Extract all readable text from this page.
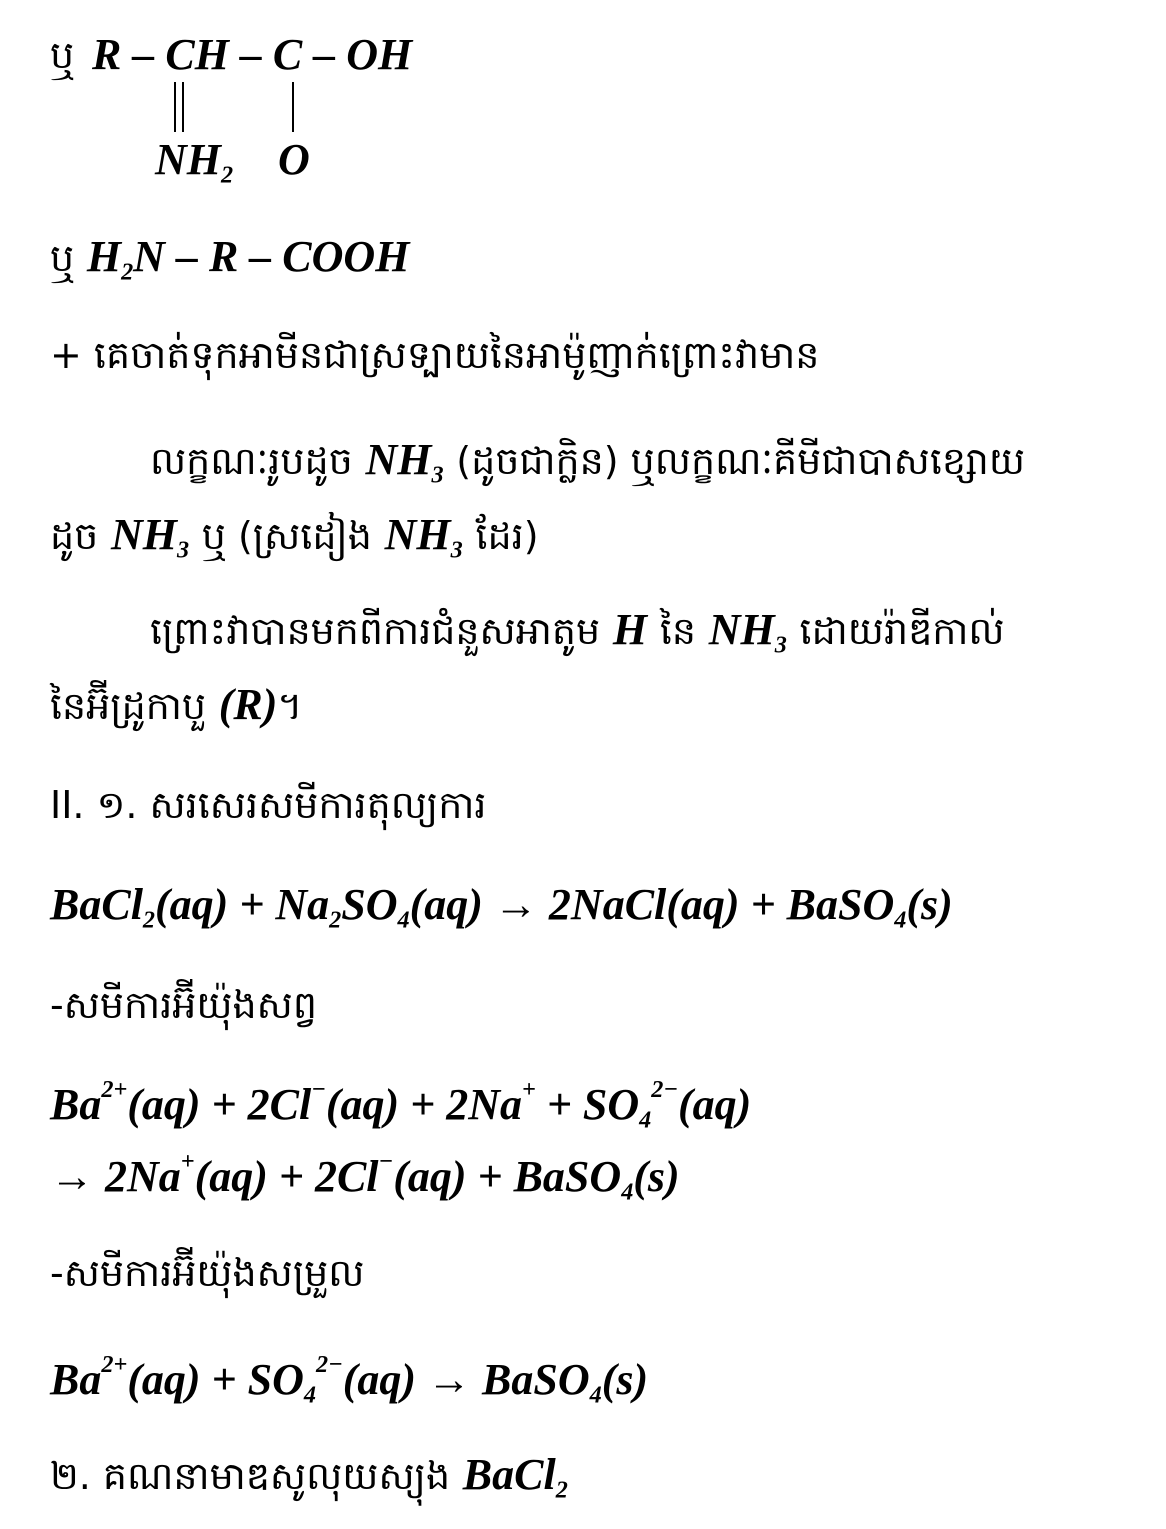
ឬ R – CH – C – OH
$NH_2$ O
ឬ $H_2N$ – R – COOH
+ គេចាត់ទុកអាមីនជាស្រទ្បាយនៃអាម៉ូញាក់ព្រោះវាមាន
លក្ខណៈរូបដូច $NH_3$ (ដូចជាក្លិន) ឬលក្ខណៈគីមីជាបាសខ្សោយ
ដូច $NH_3$ ឬ (ស្រដៀង $NH_3$ ដែរ)
ព្រោះវាបានមកពីការជំនួសអាតូម H នៃ $NH_3$ ដោយរ៉ាឌីកាល់
នៃអ៊ីដ្រូកាបួ (R)។
II. ១. សរសេរសមីការតុល្យការ
BaCl$_2$(aq) + $Na_2SO_4(aq)$ → 2NaCl(aq) + BaSO$_4$(s)
-សមីការអ៊ីយ៉ុងសព្វ
$Ba^{2+}(aq) + 2Cl^-(aq) + 2Na^+ + SO_4^{2-}(aq)$
→ 2Na+(aq) + 2Cl−(aq) + BaSO$_4$(s)
-សមីការអ៊ីយ៉ុងសម្រួល
$Ba^{2+}(aq) + SO_4^{2-}(aq)$ → BaSO$_4$(s)
២. គណនាមាឌសូលុយស្យុង BaCl$_2$
